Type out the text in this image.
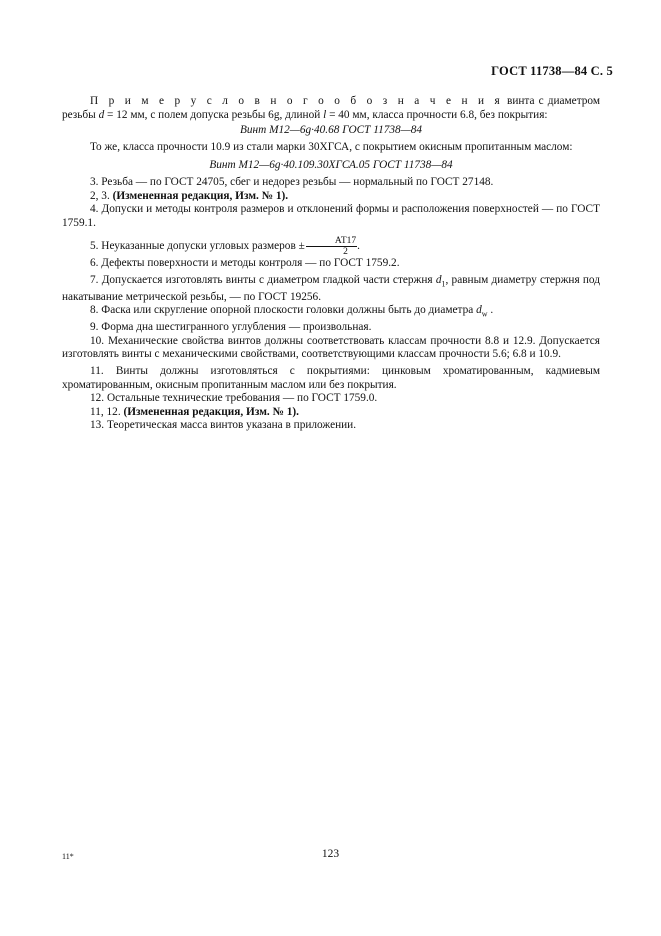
ГОСТ 11738—84 С. 5

П р и м е р у с л о в н о г о о б о з н а ч е н и я винта с диаметром резьбы d = 12 мм, с полем допуска резьбы 6g, длиной l = 40 мм, класса прочности 6.8, без покрытия:

Винт М12—6g·40.68 ГОСТ 11738—84

То же, класса прочности 10.9 из стали марки 30ХГСА, с покрытием окисным пропитанным маслом:

Винт М12—6g·40.109.30ХГСА.05 ГОСТ 11738—84

3. Резьба — по ГОСТ 24705, сбег и недорез резьбы — нормальный по ГОСТ 27148.

2, 3. (Измененная редакция, Изм. № 1).

4. Допуски и методы контроля размеров и отклонений формы и расположения поверхностей — по ГОСТ 1759.1.

5. Неуказанные допуски угловых размеров ± $\frac{АТ17}{2}$ .

6. Дефекты поверхности и методы контроля — по ГОСТ 1759.2.

7. Допускается изготовлять винты с диаметром гладкой части стержня $d_1$, равным диаметру стержня под накатывание метрической резьбы, — по ГОСТ 19256.

8. Фаска или скругление опорной плоскости головки должны быть до диаметра $d_w$ .

9. Форма дна шестигранного углубления — произвольная.

10. Механические свойства винтов должны соответствовать классам прочности 8.8 и 12.9. Допускается изготовлять винты с механическими свойствами, соответствующими классам прочности 5.6; 6.8 и 10.9.

11. Винты должны изготовляться с покрытиями: цинковым хроматированным, кадмиевым хроматированным, окисным пропитанным маслом или без покрытия.

12. Остальные технические требования — по ГОСТ 1759.0.

11, 12. (Измененная редакция, Изм. № 1).

13. Теоретическая масса винтов указана в приложении.

11*	123
